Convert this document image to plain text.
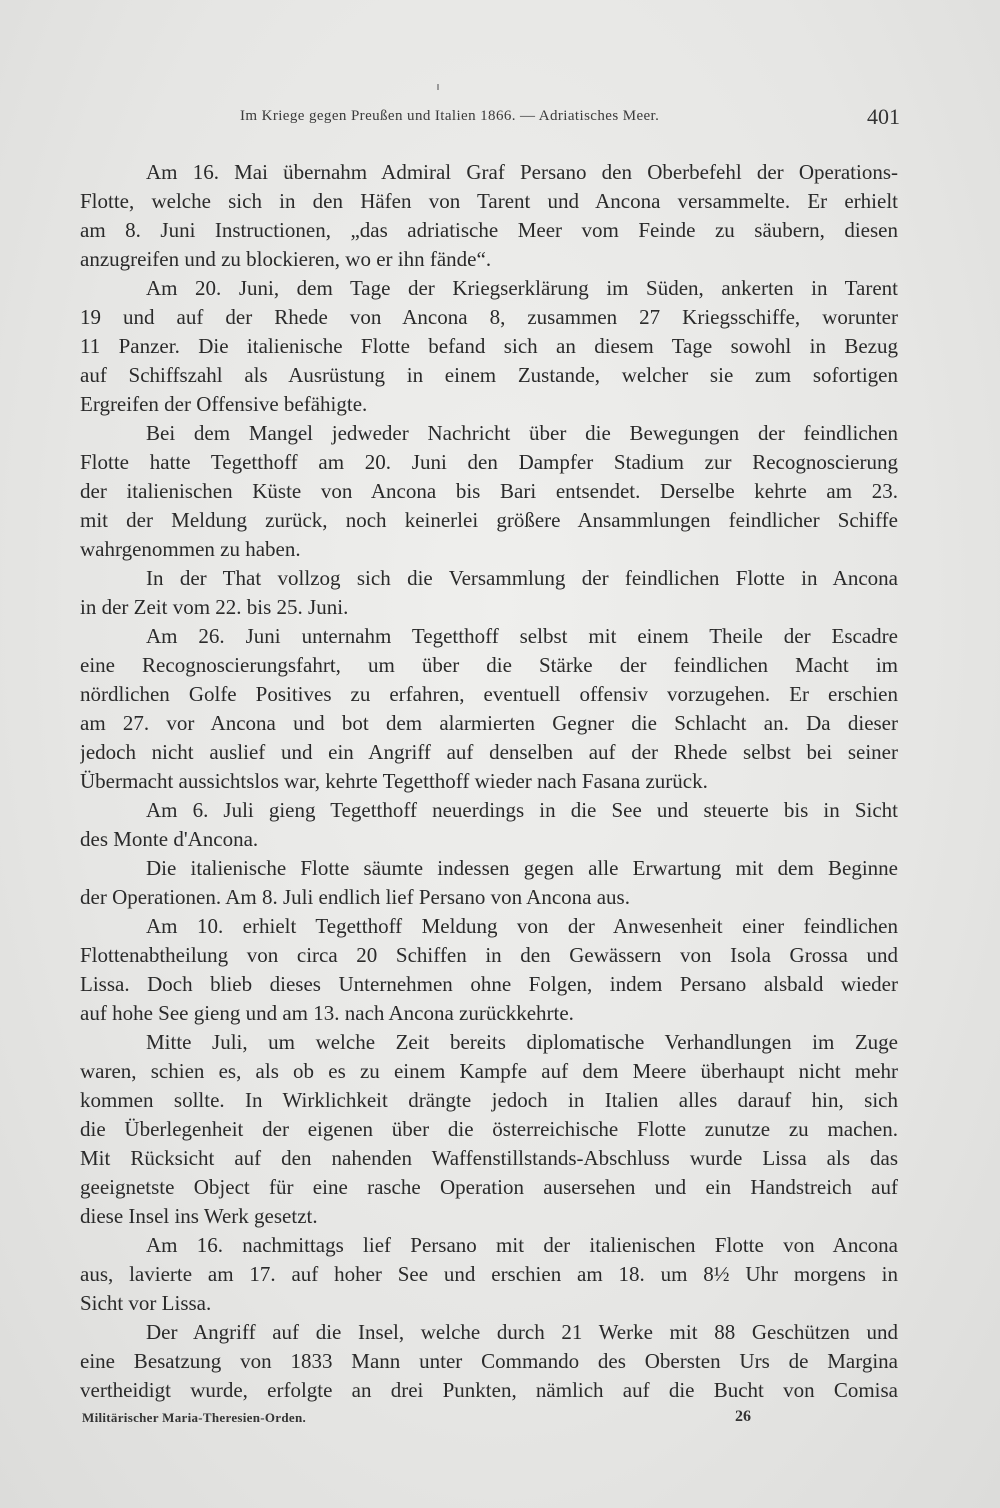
Im Kriege gegen Preußen und Italien 1866. — Adriatisches Meer.	401
Am 16. Mai übernahm Admiral Graf Persano den Oberbefehl der Operations-
Flotte, welche sich in den Häfen von Tarent und Ancona versammelte. Er erhielt
am 8. Juni Instructionen, „das adriatische Meer vom Feinde zu säubern, diesen
anzugreifen und zu blockieren, wo er ihn fände“.
Am 20. Juni, dem Tage der Kriegserklärung im Süden, ankerten in Tarent
19 und auf der Rhede von Ancona 8, zusammen 27 Kriegsschiffe, worunter
11 Panzer. Die italienische Flotte befand sich an diesem Tage sowohl in Bezug
auf Schiffszahl als Ausrüstung in einem Zustande, welcher sie zum sofortigen
Ergreifen der Offensive befähigte.
Bei dem Mangel jedweder Nachricht über die Bewegungen der feindlichen
Flotte hatte Tegetthoff am 20. Juni den Dampfer Stadium zur Recognoscierung
der italienischen Küste von Ancona bis Bari entsendet. Derselbe kehrte am 23.
mit der Meldung zurück, noch keinerlei größere Ansammlungen feindlicher Schiffe
wahrgenommen zu haben.
In der That vollzog sich die Versammlung der feindlichen Flotte in Ancona
in der Zeit vom 22. bis 25. Juni.
Am 26. Juni unternahm Tegetthoff selbst mit einem Theile der Escadre
eine Recognoscierungsfahrt, um über die Stärke der feindlichen Macht im
nördlichen Golfe Positives zu erfahren, eventuell offensiv vorzugehen. Er erschien
am 27. vor Ancona und bot dem alarmierten Gegner die Schlacht an. Da dieser
jedoch nicht auslief und ein Angriff auf denselben auf der Rhede selbst bei seiner
Übermacht aussichtslos war, kehrte Tegetthoff wieder nach Fasana zurück.
Am 6. Juli gieng Tegetthoff neuerdings in die See und steuerte bis in Sicht
des Monte d'Ancona.
Die italienische Flotte säumte indessen gegen alle Erwartung mit dem Beginne
der Operationen. Am 8. Juli endlich lief Persano von Ancona aus.
Am 10. erhielt Tegetthoff Meldung von der Anwesenheit einer feindlichen
Flottenabtheilung von circa 20 Schiffen in den Gewässern von Isola Grossa und
Lissa. Doch blieb dieses Unternehmen ohne Folgen, indem Persano alsbald wieder
auf hohe See gieng und am 13. nach Ancona zurückkehrte.
Mitte Juli, um welche Zeit bereits diplomatische Verhandlungen im Zuge
waren, schien es, als ob es zu einem Kampfe auf dem Meere überhaupt nicht mehr
kommen sollte. In Wirklichkeit drängte jedoch in Italien alles darauf hin, sich
die Überlegenheit der eigenen über die österreichische Flotte zunutze zu machen.
Mit Rücksicht auf den nahenden Waffenstillstands-Abschluss wurde Lissa als das
geeignetste Object für eine rasche Operation ausersehen und ein Handstreich auf
diese Insel ins Werk gesetzt.
Am 16. nachmittags lief Persano mit der italienischen Flotte von Ancona
aus, lavierte am 17. auf hoher See und erschien am 18. um 8½ Uhr morgens in
Sicht vor Lissa.
Der Angriff auf die Insel, welche durch 21 Werke mit 88 Geschützen und
eine Besatzung von 1833 Mann unter Commando des Obersten Urs de Margina
vertheidigt wurde, erfolgte an drei Punkten, nämlich auf die Bucht von Comisa
Militärischer Maria-Theresien-Orden.	26
